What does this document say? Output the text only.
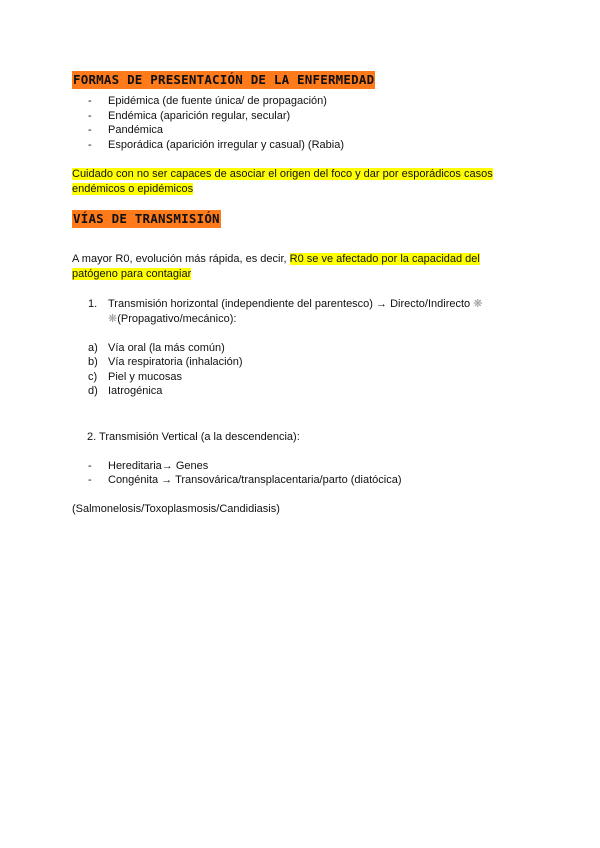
FORMAS DE PRESENTACIÓN DE LA ENFERMEDAD
- Epidémica (de fuente única/ de propagación)
- Endémica (aparición regular, secular)
- Pandémica
- Esporádica (aparición irregular y casual) (Rabia)
Cuidado con no ser capaces de asociar el origen del foco y dar por esporádicos casos
endémicos o epidémicos
VÍAS DE TRANSMISIÓN
A mayor R0, evolución más rápida, es decir, R0 se ve afectado por la capacidad del
patógeno para contagiar
1. Transmisión horizontal (independiente del parentesco) → Directo/Indirecto ❋
❋(Propagativo/mecánico):
a) Vía oral (la más común)
b) Vía respiratoria (inhalación)
c) Piel y mucosas
d) Iatrogénica
2. Transmisión Vertical (a la descendencia):
- Hereditaria→ Genes
- Congénita → Transovárica/transplacentaria/parto (diatócica)
(Salmonelosis/Toxoplasmosis/Candidiasis)
